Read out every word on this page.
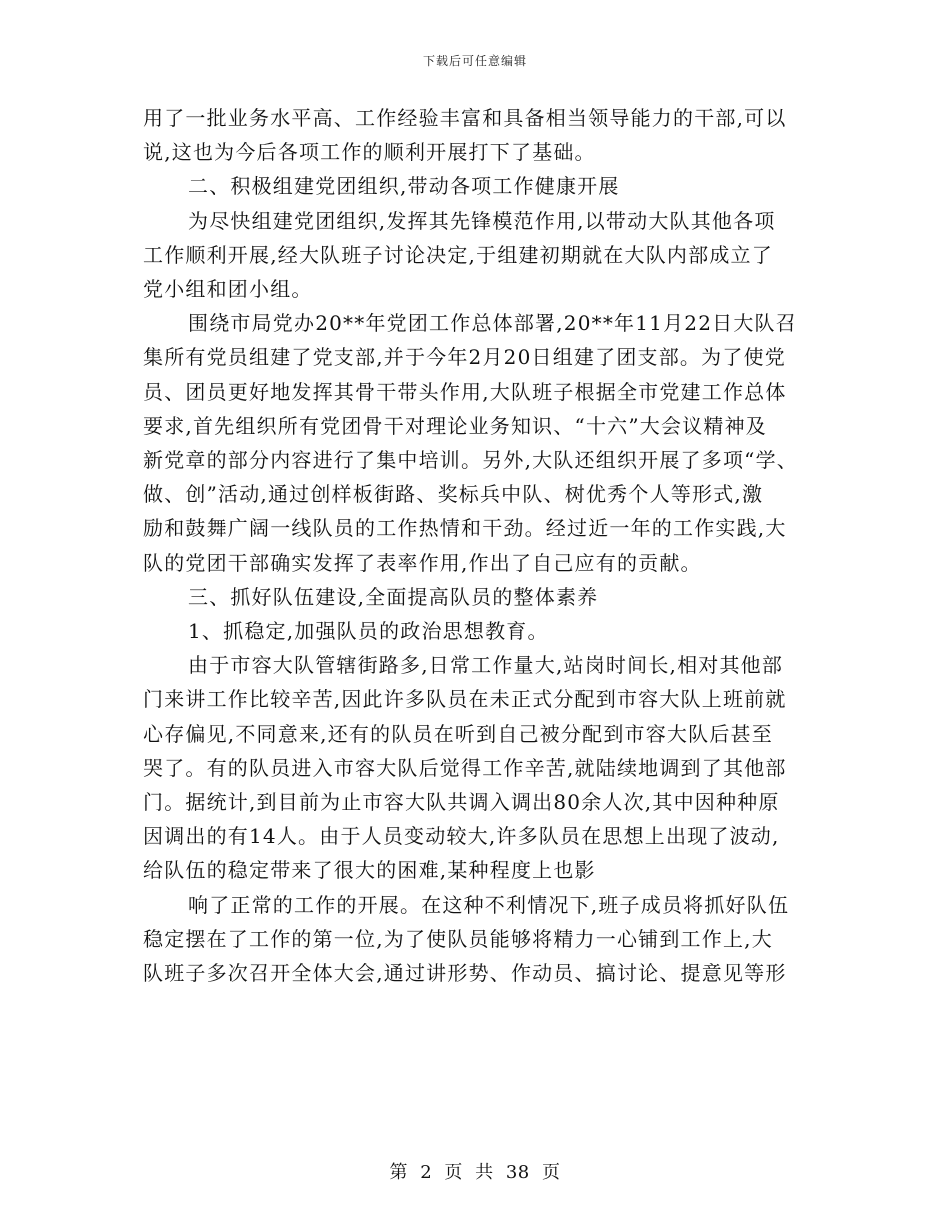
下载后可任意编辑
用了一批业务水平高、工作经验丰富和具备相当领导能力的干部,可以
说,这也为今后各项工作的顺利开展打下了基础。
二、积极组建党团组织,带动各项工作健康开展
为尽快组建党团组织,发挥其先锋模范作用,以带动大队其他各项
工作顺利开展,经大队班子讨论决定,于组建初期就在大队内部成立了
党小组和团小组。
围绕市局党办20**年党团工作总体部署,20**年11月22日大队召
集所有党员组建了党支部,并于今年2月20日组建了团支部。为了使党
员、团员更好地发挥其骨干带头作用,大队班子根据全市党建工作总体
要求,首先组织所有党团骨干对理论业务知识、“十六”大会议精神及
新党章的部分内容进行了集中培训。另外,大队还组织开展了多项“学、
做、创”活动,通过创样板街路、奖标兵中队、树优秀个人等形式,激
励和鼓舞广阔一线队员的工作热情和干劲。经过近一年的工作实践,大
队的党团干部确实发挥了表率作用,作出了自己应有的贡献。
三、抓好队伍建设,全面提高队员的整体素养
1、抓稳定,加强队员的政治思想教育。
由于市容大队管辖街路多,日常工作量大,站岗时间长,相对其他部
门来讲工作比较辛苦,因此许多队员在未正式分配到市容大队上班前就
心存偏见,不同意来,还有的队员在听到自己被分配到市容大队后甚至
哭了。有的队员进入市容大队后觉得工作辛苦,就陆续地调到了其他部
门。据统计,到目前为止市容大队共调入调出80余人次,其中因种种原
因调出的有14人。由于人员变动较大,许多队员在思想上出现了波动,
给队伍的稳定带来了很大的困难,某种程度上也影
响了正常的工作的开展。在这种不利情况下,班子成员将抓好队伍
稳定摆在了工作的第一位,为了使队员能够将精力一心铺到工作上,大
队班子多次召开全体大会,通过讲形势、作动员、搞讨论、提意见等形
第 2 页 共 38 页
